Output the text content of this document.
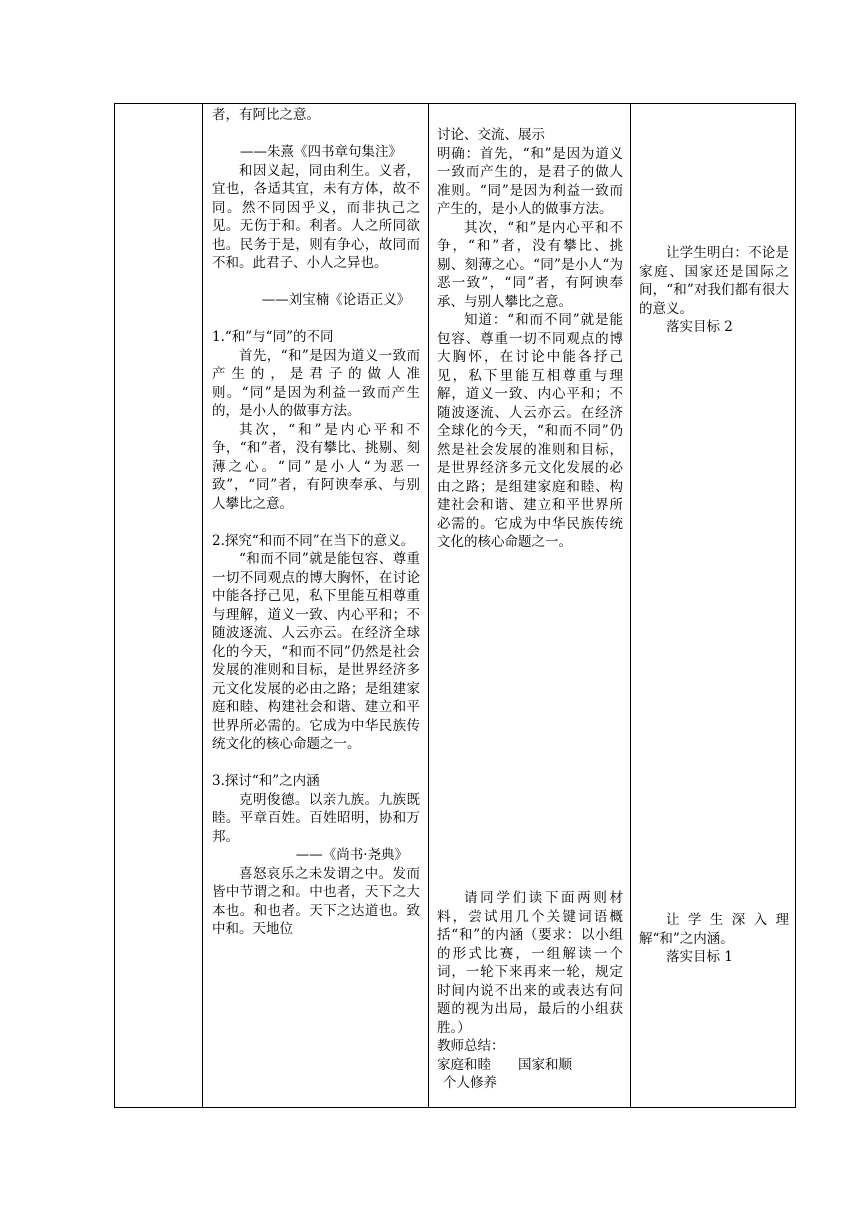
者，有阿比之意。

——朱熹《四书章句集注》

和因义起，同由利生。义者，宜也，各适其宜，未有方体，故不同。然不同因乎义，而非执己之见。无伤于和。利者。人之所同欲也。民务于是，则有争心，故同而不和。此君子、小人之异也。

——刘宝楠《论语正义》

1.“和”与“同”的不同

首先，“和”是因为道义一致而产生的，是君子的做人准则。“同”是因为利益一致而产生的，是小人的做事方法。

其次，“和”是内心平和不争，“和”者，没有攀比、挑剔、刻薄之心。“同”是小人“为恶一致”，“同”者，有阿谀奉承、与别人攀比之意。

2.探究“和而不同”在当下的意义。

“和而不同”就是能包容、尊重一切不同观点的博大胸怀，在讨论中能各抒己见，私下里能互相尊重与理解，道义一致、内心平和；不随波逐流、人云亦云。在经济全球化的今天，“和而不同”仍然是社会发展的准则和目标，是世界经济多元文化发展的必由之路；是组建家庭和睦、构建社会和谐、建立和平世界所必需的。它成为中华民族传统文化的核心命题之一。

3.探讨“和”之内涵

克明俊德。以亲九族。九族既睦。平章百姓。百姓昭明，协和万邦。

——《尚书·尧典》

喜怒哀乐之未发谓之中。发而皆中节谓之和。中也者，天下之大本也。和也者。天下之达道也。致中和。天地位

讨论、交流、展示

明确：首先，“和”是因为道义一致而产生的，是君子的做人准则。“同”是因为利益一致而产生的，是小人的做事方法。

其次，“和”是内心平和不争，“和”者，没有攀比、挑剔、刻薄之心。“同”是小人“为恶一致”，“同”者，有阿谀奉承、与别人攀比之意。

知道：“和而不同”就是能包容、尊重一切不同观点的博大胸怀，在讨论中能各抒己见，私下里能互相尊重与理解，道义一致、内心平和；不随波逐流、人云亦云。在经济全球化的今天，“和而不同”仍然是社会发展的准则和目标，是世界经济多元文化发展的必由之路；是组建家庭和睦、构建社会和谐、建立和平世界所必需的。它成为中华民族传统文化的核心命题之一。

请同学们读下面两则材料，尝试用几个关键词语概括“和”的内涵（要求：以小组的形式比赛，一组解读一个词，一轮下来再来一轮，规定时间内说不出来的或表达有问题的视为出局，最后的小组获胜。）

教师总结：

家庭和睦　　国家和顺

个人修养

让学生明白：不论是家庭、国家还是国际之间，“和”对我们都有很大的意义。

落实目标 2

让学生深入理解“和”之内涵。

落实目标 1
